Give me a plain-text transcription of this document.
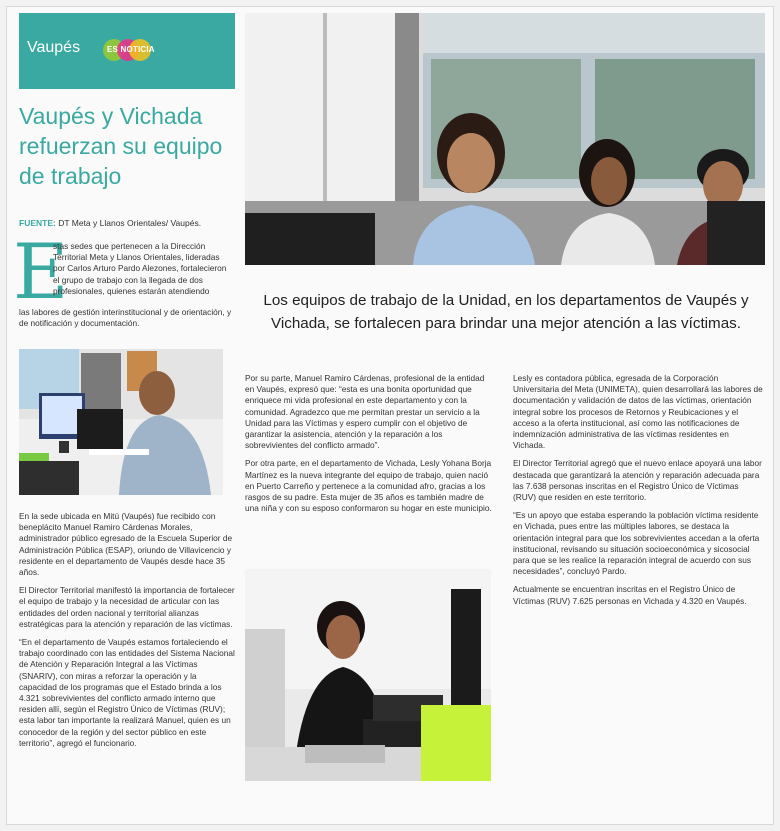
Vaupés	ES NOTICIA
Vaupés y Vichada refuerzan su equipo de trabajo
FUENTE: DT Meta y Llanos Orientales/ Vaupés.
E
stas sedes que pertenecen a la Dirección Territorial Meta y Llanos Orientales, lideradas por Carlos Arturo Pardo Alezones, fortalecieron el grupo de trabajo con la llegada de dos profesionales, quienes estarán atendiendo
las labores de gestión interinstitucional y de orientación, y de notificación y documentación.
Los equipos de trabajo de la Unidad, en los departamentos de Vaupés y Vichada, se fortalecen para brindar una mejor atención a las víctimas.

En la sede ubicada en Mitú (Vaupés) fue recibido con beneplácito Manuel Ramiro Cárdenas Morales, administrador público egresado de la Escuela Superior de Administración Pública (ESAP), oriundo de Villavicencio y residente en el departamento de Vaupés desde hace 35 años.

El Director Territorial manifestó la importancia de fortalecer el equipo de trabajo y la necesidad de articular con las entidades del orden nacional y territorial alianzas estratégicas para la atención y reparación de las víctimas.

“En el departamento de Vaupés estamos fortaleciendo el trabajo coordinado con las entidades del Sistema Nacional de Atención y Reparación Integral a las Víctimas (SNARIV), con miras a reforzar la operación y la capacidad de los programas que el Estado brinda a los 4.321 sobrevivientes del conflicto armado interno que residen allí, según el Registro Único de Víctimas (RUV); esta labor tan importante la realizará Manuel, quien es un conocedor de la región y del sector público en este territorio”, agregó el funcionario.

Por su parte, Manuel Ramiro Cárdenas, profesional de la entidad en Vaupés, expresó que: “esta es una bonita oportunidad que enriquece mi vida profesional en este departamento y con la comunidad. Agradezco que me permitan prestar un servicio a la Unidad para las Víctimas y espero cumplir con el objetivo de garantizar la asistencia, atención y la reparación a los sobrevivientes del conflicto armado”.

Por otra parte, en el departamento de Vichada, Lesly Yohana Borja Martínez es la nueva integrante del equipo de trabajo, quien nació en Puerto Carreño y pertenece a la comunidad afro, gracias a los rasgos de su padre. Esta mujer de 35 años es también madre de una niña y con su esposo conformaron su hogar en este municipio.

Lesly es contadora pública, egresada de la Corporación Universitaria del Meta (UNIMETA), quien desarrollará las labores de documentación y validación de datos de las víctimas, orientación integral sobre los procesos de Retornos y Reubicaciones y el acceso a la oferta institucional, así como las notificaciones de indemnización administrativa de las víctimas residentes en Vichada.

El Director Territorial agregó que el nuevo enlace apoyará una labor destacada que garantizará la atención y reparación adecuada para las 7.638 personas inscritas en el Registro Único de Víctimas (RUV) que residen en este territorio.

“Es un apoyo que estaba esperando la población víctima residente en Vichada, pues entre las múltiples labores, se destaca la orientación integral para que los sobrevivientes accedan a la oferta institucional, revisando su situación socioeconómica y sicosocial para que se les realice la reparación integral de acuerdo con sus necesidades”, concluyó Pardo.

Actualmente se encuentran inscritas en el Registro Único de Víctimas (RUV) 7.625 personas en Vichada y 4.320 en Vaupés.
